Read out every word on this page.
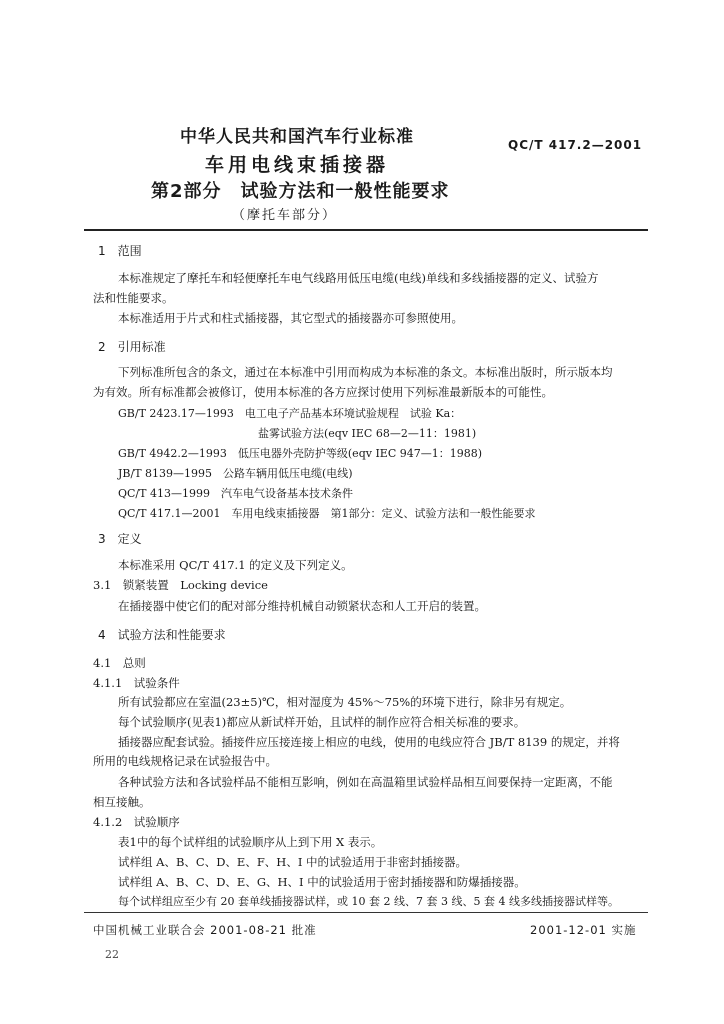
中华人民共和国汽车行业标准	QC/T 417.2—2001
车用电线束插接器
第2部分　试验方法和一般性能要求
（摩托车部分）
1　范围
本标准规定了摩托车和轻便摩托车电气线路用低压电缆(电线)单线和多线插接器的定义、试验方
法和性能要求。
本标准适用于片式和柱式插接器，其它型式的插接器亦可参照使用。
2　引用标准
下列标准所包含的条文，通过在本标准中引用而构成为本标准的条文。本标准出版时，所示版本均
为有效。所有标准都会被修订，使用本标准的各方应探讨使用下列标准最新版本的可能性。
GB/T 2423.17—1993　电工电子产品基本环境试验规程　试验 Ka：
盐雾试验方法(eqv IEC 68—2—11：1981)
GB/T 4942.2—1993　低压电器外壳防护等级(eqv IEC 947—1：1988)
JB/T 8139—1995　公路车辆用低压电缆(电线)
QC/T 413—1999　汽车电气设备基本技术条件
QC/T 417.1—2001　车用电线束插接器　第1部分：定义、试验方法和一般性能要求
3　定义
本标准采用 QC/T 417.1 的定义及下列定义。
3.1　锁紧装置　Locking device
在插接器中使它们的配对部分维持机械自动锁紧状态和人工开启的装置。
4　试验方法和性能要求
4.1　总则
4.1.1　试验条件
所有试验都应在室温(23±5)℃，相对湿度为 45%～75%的环境下进行，除非另有规定。
每个试验顺序(见表1)都应从新试样开始，且试样的制作应符合相关标准的要求。
插接器应配套试验。插接件应压接连接上相应的电线，使用的电线应符合 JB/T 8139 的规定，并将
所用的电线规格记录在试验报告中。
各种试验方法和各试验样品不能相互影响，例如在高温箱里试验样品相互间要保持一定距离，不能
相互接触。
4.1.2　试验顺序
表1中的每个试样组的试验顺序从上到下用 X 表示。
试样组 A、B、C、D、E、F、H、I 中的试验适用于非密封插接器。
试样组 A、B、C、D、E、G、H、I 中的试验适用于密封插接器和防爆插接器。
每个试样组应至少有 20 套单线插接器试样，或 10 套 2 线、7 套 3 线、5 套 4 线多线插接器试样等。
中国机械工业联合会 2001-08-21 批准	2001-12-01 实施
22
